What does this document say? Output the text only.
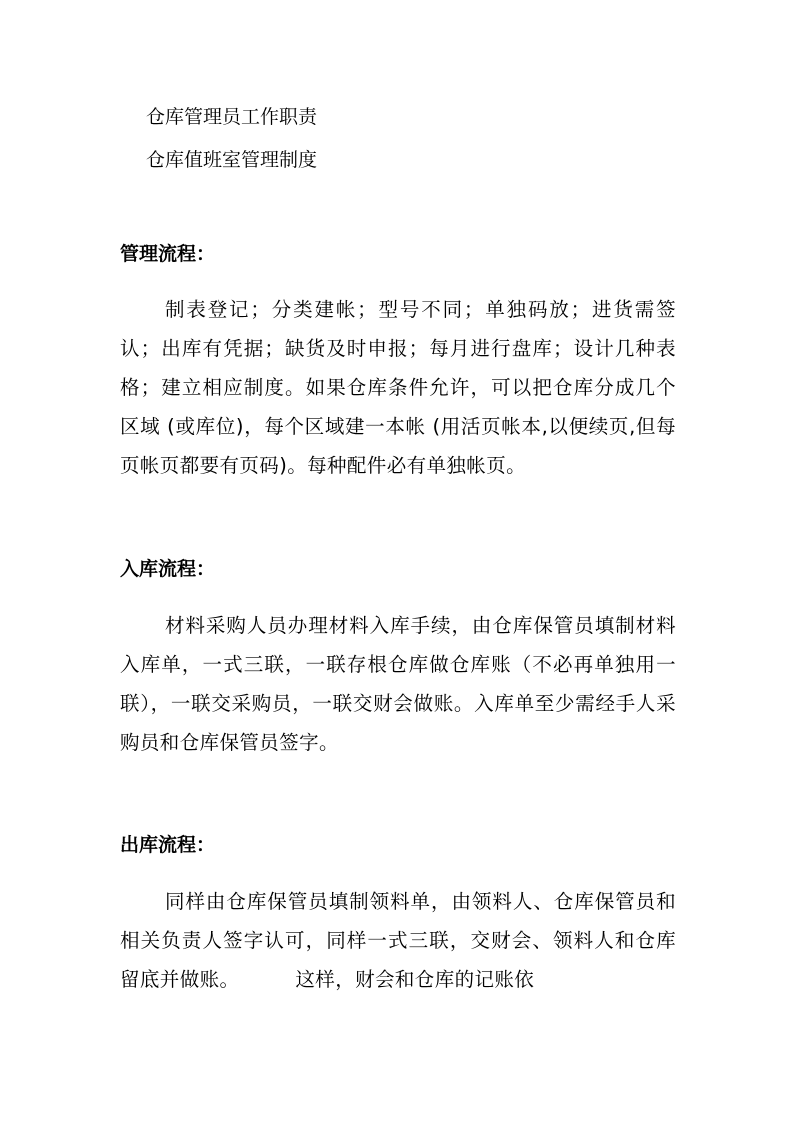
仓库管理员工作职责
仓库值班室管理制度
管理流程：
制表登记；分类建帐；型号不同；单独码放；进货需签认；出库有凭据；缺货及时申报；每月进行盘库；设计几种表格；建立相应制度。如果仓库条件允许，可以把仓库分成几个区域 (或库位)，每个区域建一本帐 (用活页帐本,以便续页,但每页帐页都要有页码)。每种配件必有单独帐页。
入库流程：
材料采购人员办理材料入库手续，由仓库保管员填制材料入库单，一式三联，一联存根仓库做仓库账（不必再单独用一联），一联交采购员，一联交财会做账。入库单至少需经手人采购员和仓库保管员签字。
出库流程：
同样由仓库保管员填制领料单，由领料人、仓库保管员和相关负责人签字认可，同样一式三联，交财会、领料人和仓库留底并做账。	这样，财会和仓库的记账依
